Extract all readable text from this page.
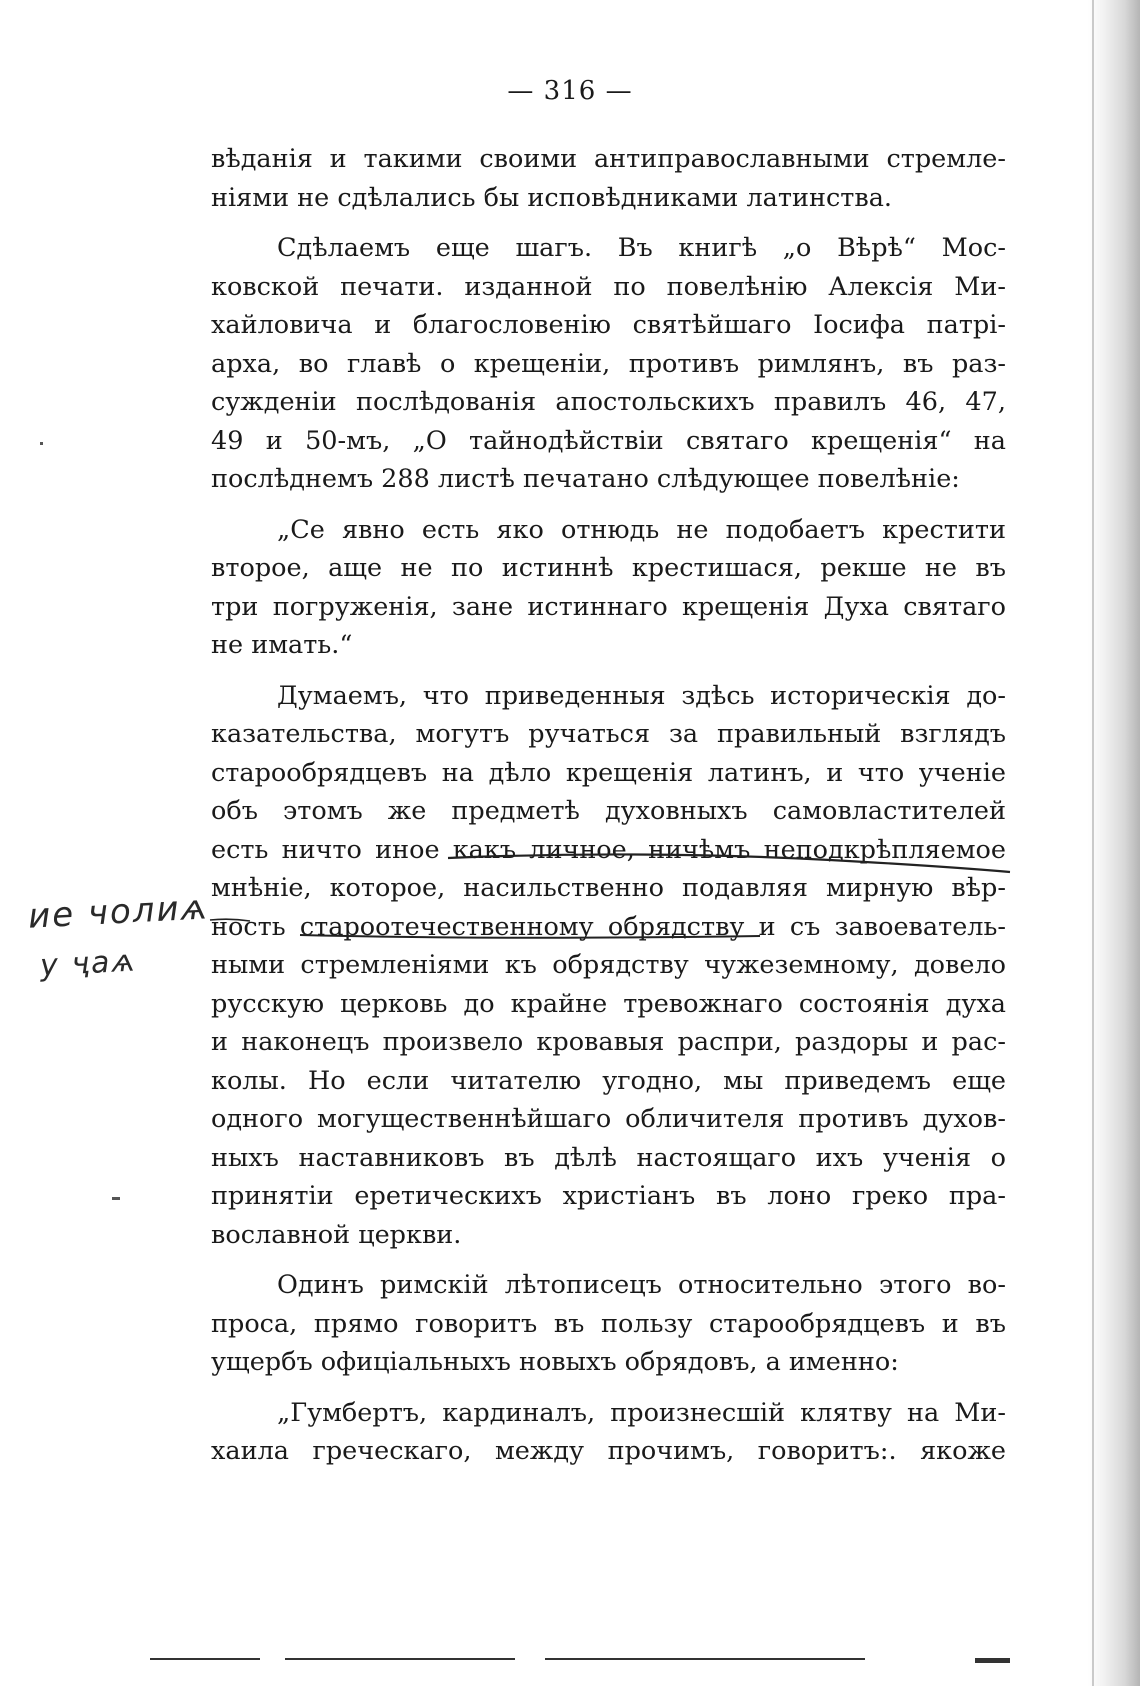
— 316 —
вѣданія и такими своими антиправославными стремле-
ніями не сдѣлались бы исповѣдниками латинства.
Сдѣлаемъ еще шагъ. Въ книгѣ „о Вѣрѣ“ Мос-
ковской печати. изданной по повелѣнію Алексія Ми-
хайловича и благословенію святѣйшаго Іосифа патрі-
арха, во главѣ о крещеніи, противъ римлянъ, въ раз-
сужденіи послѣдованія апостольскихъ правилъ 46, 47,
49 и 50-мъ, „О тайнодѣйствіи святаго крещенія“ на
послѣднемъ 288 листѣ печатано слѣдующее повелѣніе:
„Се явно есть яко отнюдь не подобаетъ крестити
второе, аще не по истиннѣ крестишася, рекше не въ
три погруженія, зане истиннаго крещенія Духа святаго
не имать.“
Думаемъ, что приведенныя здѣсь историческія до-
казательства, могутъ ручаться за правильный взглядъ
старообрядцевъ на дѣло крещенія латинъ, и что ученіе
объ этомъ же предметѣ духовныхъ самовластителей
есть ничто иное какъ личное, ничѣмъ неподкрѣпляемое
мнѣніе, которое, насильственно подавляя мирную вѣр-
ность староотечественному обрядству и съ завоеватель-
ными стремленіями къ обрядству чужеземному, довело
русскую церковь до крайне тревожнаго состоянія духа
и наконецъ произвело кровавыя распри, раздоры и рас-
колы. Но если читателю угодно, мы приведемъ еще
одного могущественнѣйшаго обличителя противъ духов-
ныхъ наставниковъ въ дѣлѣ настоящаго ихъ ученія о
принятіи еретическихъ христіанъ въ лоно греко пра-
вославной церкви.
Одинъ римскій лѣтописецъ относительно этого во-
проса, прямо говоритъ въ пользу старообрядцевъ и въ
ущербъ офиціальныхъ новыхъ обрядовъ, а именно:
„Гумбертъ, кардиналъ, произнесшій клятву на Ми-
хаила греческаго, между прочимъ, говоритъ:. якоже
ие чолиѧ
у ҷаѧ
